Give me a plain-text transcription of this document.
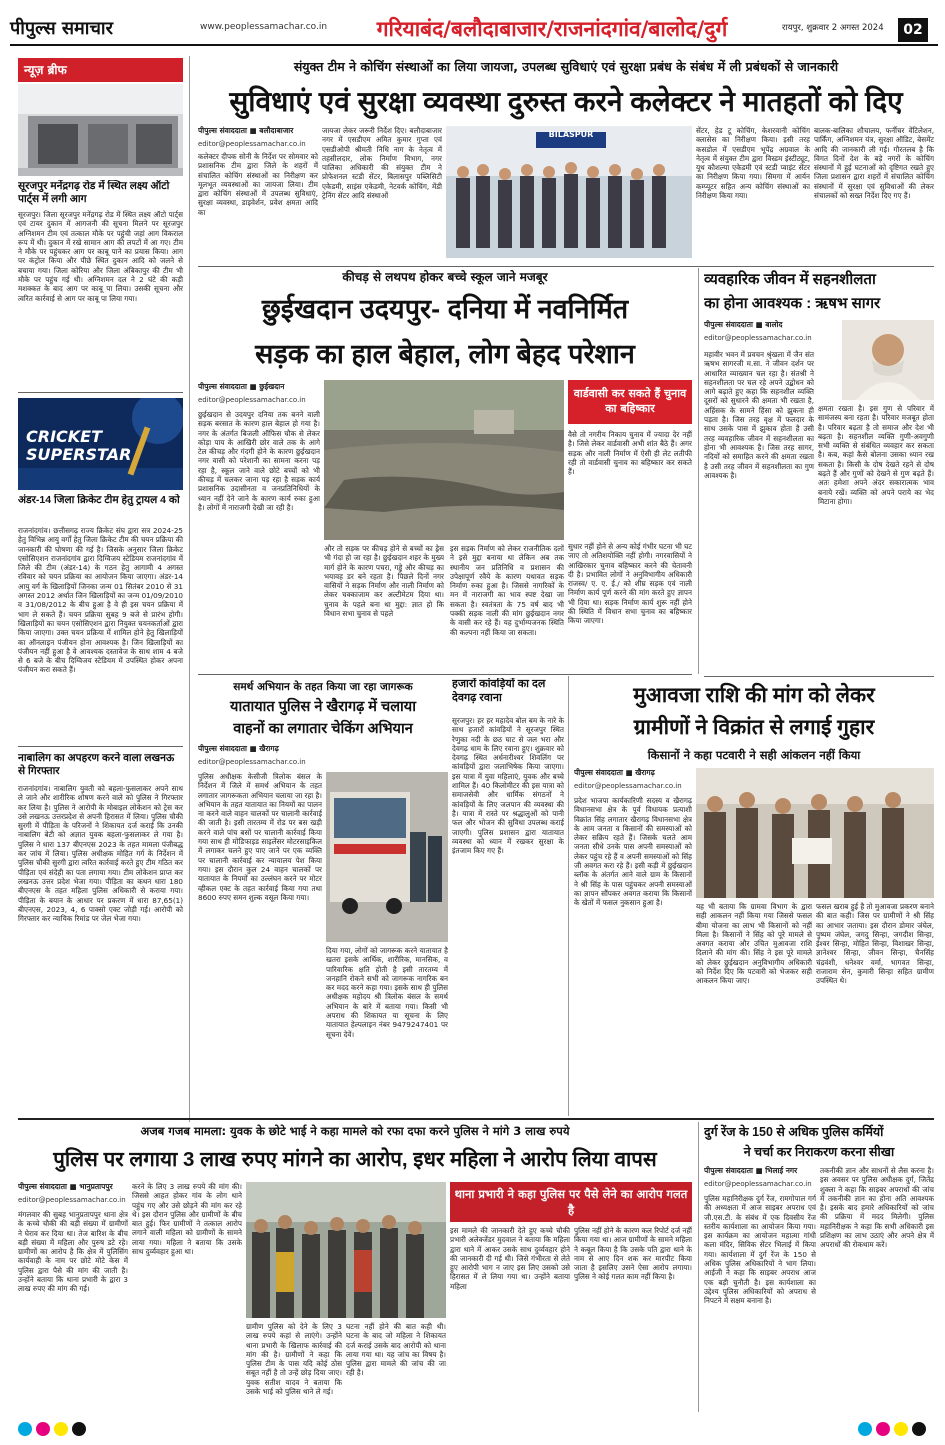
पीपुल्स समाचार	www.peoplessamachar.co.in	गरियाबंद/बलौदाबाजार/राजनांदगांव/बालोद/दुर्ग	रायपुर, शुक्रवार 2 अगस्त 2024	02
न्यूज़ ब्रीफ
सूरजपुर मनेंद्रगढ़ रोड में स्थित लक्ष्य ऑटो पार्ट्स में लगी आग
सूरजपुर। जिला सूरजपुर मनेंद्रगढ़ रोड में स्थित लक्ष्य ऑटो पार्ट्स एवं टायर दुकान में आगजनी की सूचना मिलने पर सूरजपुर अग्निशमन टीम एवं तत्काल मौके पर पहुंची जहां आग विकराल रूप में थी। दुकान में रखे सामान आग की लपटों में आ गए। टीम ने मौके पर पहुंचकर आग पर काबू पाने का प्रयास किया। आग पर कंट्रोल किया और पीछे स्थित दुकान आदि को जलने से बचाया गया। जिला कोरिया और जिला अंबिकापुर की टीम भी मौके पर पहुंच गई थी। अग्निशमन दल ने 2 घंटे की कड़ी मशक्कत के बाद आग पर काबू पा लिया। उसकी सूचना और त्वरित कार्रवाई से आग पर काबू पा लिया गया।
CRICKET SUPERSTAR
अंडर-14 जिला क्रिकेट टीम हेतु ट्रायल 4 को
राजनांदगांव। छत्तीसगढ़ राज्य क्रिकेट संघ द्वारा सत्र 2024-25 हेतु विभिन्न आयु वर्गों हेतु जिला क्रिकेट टीम की चयन प्रक्रिया की जानकारी की घोषणा की गई है। जिसके अनुसार जिला क्रिकेट एसोसिएशन राजनांदगांव द्वारा दिग्विजय स्टेडियम राजनांदगांव में जिले की टीम (अंडर-14) के गठन हेतु आगामी 4 अगस्त रविवार को चयन प्रक्रिया का आयोजन किया जाएगा। अंडर-14 आयु वर्ग के खिलाड़ियों जिनका जन्म 01 सितंबर 2010 से 31 अगस्त 2012 अर्थात जिन खिलाड़ियों का जन्म 01/09/2010 व 31/08/2012 के बीच हुआ है वे ही इस चयन प्रक्रिया में भाग ले सकते हैं। चयन प्रक्रिया सुबह 9 बजे से प्रारंभ होगी। खिलाड़ियों का चयन एसोसिएशन द्वारा नियुक्त चयनकर्ताओं द्वारा किया जाएगा। उक्त चयन प्रक्रिया में शामिल होने हेतु खिलाड़ियों का ऑनलाइन पंजीयन होना आवश्यक है। जिन खिलाड़ियों का पंजीयन नहीं हुआ है वे आवश्यक दस्तावेज के साथ शाम 4 बजे से 6 बजे के बीच दिग्विजय स्टेडियम में उपस्थित होकर अपना पंजीयन करा सकते हैं।
नाबालिग का अपहरण करने वाला लखनऊ से गिरफ्तार
राजनांदगांव। नाबालिग युवती को बहला-फुसलाकर अपने साथ ले जाने और शारीरिक शोषण करने वाले को पुलिस ने गिरफ्तार कर लिया है। पुलिस ने आरोपी के मोबाइल लोकेशन को ट्रेस कर उसे लखनऊ उत्तरप्रदेश से अपनी हिरासत में लिया। पुलिस चौकी सुरगी में पीड़िता के परिजनों ने शिकायत दर्ज कराई कि उनकी नाबालिग बेटी को अज्ञात युवक बहला-फुसलाकर ले गया है। पुलिस ने धारा 137 बीएनएस 2023 के तहत मामला पंजीबद्ध कर जांच में लिया। पुलिस अधीक्षक मोहित गर्ग के निर्देशन में पुलिस चौकी सुरगी द्वारा त्वरित कार्रवाई करते हुए टीम गठित कर पीड़िता एवं संदेही का पता लगाया गया। टीम लोकेशन प्राप्त कर लखनऊ उत्तर प्रदेश भेजा गया। पीड़िता का कथन धारा 180 बीएनएस के तहत महिला पुलिस अधिकारी से कराया गया। पीड़िता के बयान के आधार पर प्रकरण में धारा 87,65(1) बीएनएस, 2023, 4, 6 पाक्सो एक्ट जोड़ी गई। आरोपी को गिरफ्तार कर न्यायिक रिमांड पर जेल भेजा गया।
संयुक्त टीम ने कोचिंग संस्थाओं का लिया जायजा, उपलब्ध सुविधाएं एवं सुरक्षा प्रबंध के संबंध में ली प्रबंधकों से जानकारी
सुविधाएं एवं सुरक्षा व्यवस्था दुरुस्त करने कलेक्टर ने मातहतों को दिए
पीपुल्स संवाददाता ■ बलौदाबाजार
editor@peoplessamachar.co.in
कलेक्टर दीपक सोनी के निर्देश पर सोमवार को प्रशासनिक टीम द्वारा जिले के शहरों में संचालित कोचिंग संस्थाओं का निरीक्षण कर मूलभूत व्यवस्थाओं का जायजा लिया। टीम द्वारा कोचिंग संस्थाओं में उपलब्ध सुविधाएं, सुरक्षा व्यवस्था, डाइवेर्शन, प्रवेश क्षमता आदि का
जायजा लेकर जरूरी निर्देश दिए। बलौदाबाजार नगर में एसडीएम अमित कुमार गुप्ता एवं एसडीओपी श्रीमती निधि नाग के नेतृत्व में तहसीलदार, लोक निर्माण विभाग, नगर पालिका अधिकारी की संयुक्त टीम ने प्रोफेशनल स्टडी सेंटर, बिलासपुर पब्लिसिटी एकेडमी, साइंस एकेडमी, नेटवर्क कोचिंग, मेंडी ट्रेनिंग सेंटर आदि संस्थाओं
BILASPUR	सेंटर, हेड टू कोचिंग, केशरवानी कोचिंग क्लासेस का निरीक्षण किया। इसी तरह कसडोल में एसडीएम भूपेंद्र अग्रवाल के नेतृत्व में संयुक्त टीम द्वारा विस्डम इंस्टीट्यूट, यूथ कौशल्या एकेडमी एवं स्टडी प्वाइंट सेंटर का निरीक्षण किया गया। सिमगा में आर्यन कम्प्यूटर सहित अन्य कोचिंग संस्थाओं का निरीक्षण किया गया।
बालक-बालिका शौचालय, फर्नीचर वेंटिलेशन, पार्किंग, अग्निशमन यंत्र, सुरक्षा ऑडिट, बेसमेंट आदि की जानकारी ली गई। गौरतलब है कि विगत दिनों देश के बड़े नगरों के कोचिंग संस्थानों में हुई घटनाओं को दृष्टिगत रखते हुए जिला प्रशासन द्वारा शहरों में संचालित कोचिंग संस्थानों में सुरक्षा एवं सुविधाओं की लेकर संचालकों को सख्त निर्देश दिए गए हैं।
कीचड़ से लथपथ होकर बच्चे स्कूल जाने मजबूर
छुईखदान उदयपुर- दनिया में नवनिर्मित
सड़क का हाल बेहाल, लोग बेहद परेशान
पीपुल्स संवाददाता ■ छुईखदान
editor@peoplessamachar.co.in
छुईखदान से उदयपुर दनिया तक बनने वाली सड़क बरसात के कारण हाल बेहाल हो गया है। नगर के अंतर्गत बिजली ऑफिस चौक से लेकर कोड़ा पाय के आखिरी छोर वाले तक के आगे टेल कीचड़ और गंदगी होने के कारण छुईखदान नगर वासी को परेशानी का सामना करना पड़ रहा है, स्कूल जाने वाले छोटे बच्चों को भी कीचड़ में चलकर जाना पड़ रहा है सड़क कार्य प्रशासनिक उदासीनता व जनप्रतिनिधियों के ध्यान नहीं देने जाने के कारण कार्य रुका हुआ है। लोगों में नाराजगी देखी जा रही है।
वार्डवासी कर सकते हैं चुनाव का बहिष्कार
वैसे तो नगरीय निकाय चुनाव में ज्यादा देर नहीं है। जिसे लेकर वार्डवासी अभी शांत बैठे हैं। अगर सड़क और नाली निर्माण में ऐसी ही लेट लतीफी रही तो वार्डवासी चुनाव का बहिष्कार कर सकते हैं।
और तो सड़क पर कीचड़ होने से बच्चों का ड्रेस भी गंदा हो जा रहा है। छुईखदान शहर के मुख्य मार्ग होने के कारण पचरा, गड्ढे और कीचड़ का भयावह डर बने रहता है। पिछले दिनों नगर वासियों ने सड़क निर्माण और नाली निर्माण को लेकर चक्काजाम कर अल्टीमेटम दिया था। चुनाव के पहले बना था मुद्दा: ज्ञात हो कि विधान सभा चुनाव से पहले
इस सड़क निर्माण को लेकर राजनीतिक दलों ने इसे मुद्दा बनाया था लेकिन अब तक स्थानीय जन प्रतिनिधि व प्रशासन की उपेक्षापूर्ण रवैये के कारण यथावत सड़क निर्माण रुका हुआ है। जिससे नागरिकों के मन में नाराजगी का भाव स्पष्ट देखा जा सकता है। स्वतंत्रता के 75 वर्ष बाद भी पक्की सड़क नाली की मांग छुईखदान नगर के वासी कर रहे हैं। यह दुर्भाग्यजनक स्थिति की कल्पना नहीं किया जा सकता।
सुधार नहीं होने से अन्य कोई गंभीर घटना भी घट जाए तो अतिशयोक्ति नहीं होगी। नगरवासियों ने आखिरकार चुनाव बहिष्कार करने की चेतावनी दी है। प्रभावित लोगों ने अनुविभागीय अधिकारी राजस्व/ ए. ए. ई./ को शीघ्र सड़क एवं नाली निर्माण कार्य पूर्ण करने की मांग करते हुए ज्ञापन भी दिया था। सड़क निर्माण कार्य शुरू नहीं होने की स्थिति में विधान सभा चुनाव का बहिष्कार किया जाएगा।
व्यवहारिक जीवन में सहनशीलता
का होना आवश्यक : ऋषभ सागर
पीपुल्स संवाददाता ■ बालोद
editor@peoplessamachar.co.in
महावीर भवन में प्रवचन श्रृंखला में जैन संत ऋषभ सागरजी म.सा. ने जीवन दर्शन पर आधारित व्याख्यान चल रहा है। संतश्री ने सहनशीलता पर चल रहे अपने उद्बोधन को आगे बढ़ाते हुए कहा कि सहनशील व्यक्ति दूसरों को सुधारने की क्षमता भी रखता है, अहिंसक के सामने हिंसा को झुकना ही पड़ता है। जिस तरह वृक्ष में फलदार के साथ उसके पास में झुकाव होता है उसी तरह व्यवहारिक जीवन में सहनशीलता का होना भी आवश्यक है। जिस तरह सागर, नदियों को समाहित करने की क्षमता रखता है उसी तरह जीवन में सहनशीलता का गुण आवश्यक है।
क्षमता रखता है। इस गुण से परिवार में सामंजस्य बना रहता है। परिवार मजबूत होता है। परिवार बढ़ता है तो समाज और देश भी बढ़ता है। सहनशील व्यक्ति गुणी-अवगुणी सभी व्यक्ति से संबंधित व्यवहार कर सकता है। कब, कहां कैसे बोलना उसका ध्यान रख सकता है। किसी के दोष देखते रहने से दोष बढ़ते हैं और गुणों को देखने से गुण बढ़ते हैं। अतः हमेशा अपने अंदर सकारात्मक भाव बनाये रखें। व्यक्ति को अपने पराये का भेद मिटाना होगा।
समर्थ अभियान के तहत किया जा रहा जागरूक
यातायात पुलिस ने खैरागढ़ में चलाया
वाहनों का लगातार चेकिंग अभियान
पीपुल्स संवाददाता ■ खैरागढ़
editor@peoplessamachar.co.in
पुलिस अधीक्षक केसीजी त्रिलोक बंसल के निर्देशन में जिले में समर्थ अभियान के तहत लगातार जागरूकता अभियान चलाया जा रहा है। अभियान के तहत यातायात का नियमों का पालन ना करने वाले वाहन चालकों पर चालानी कार्रवाई की जाती है। इसी तारतम्य में रोड पर बस खड़ी करने वाले पांच बसों पर चालानी कार्रवाई किया गया साथ ही मोडिफाइड साइलेंसर मोटरसाइकिल में लगाकर चलने हुए पाए जाने पर एक व्यक्ति पर चालानी कार्रवाई कर न्यायालय पेश किया गया। इस दौरान कुल 24 वाहन चालकों पर यातायात के नियमों का उल्लंघन करने पर मोटर व्हीकल एक्ट के तहत कार्रवाई किया गया तथा 8600 रुपए समन शुल्क वसूल किया गया।
दिया गया, लोगों को जागरूक करने यातायात है खतरा इसके आर्थिक, शारीरिक, मानसिक, व पारिवारिक क्षति होती है इसी तारतम्य में जनहानि रोकने सभी को जागरूक नागरिक बन कर मदद करने कहा गया। इसके साथ ही पुलिस अधीक्षक महोदय श्री त्रिलोक बंसल के समर्थ अभियान के बारे में बताया गया। किसी भी अपराध की शिकायत या सूचना के लिए यातायात हेल्पलाइन नंबर 9479247401 पर सूचना देवें।
हजारों कांवड़ियों का दल देवगढ़ रवाना
सूरजपुर। हर हर महादेव बोल बम के नारे के साथ हजारों कांवड़ियों ने सूरजपुर स्थित रेणुका नदी के छठ घाट से जल भरा और देवगढ़ धाम के लिए रवाना हुए। शुक्रवार को देवगढ़ स्थित अर्धनारीश्वर शिवलिंग पर कांवड़ियों द्वारा जलाभिषेक किया जाएगा। इस यात्रा में युवा महिलाएं, युवक और बच्चे शामिल हैं। 40 किलोमीटर की इस यात्रा को समाजसेवी और धार्मिक संगठनों ने कांवड़ियों के लिए जलपान की व्यवस्था की है। यात्रा में रास्ते पर श्रद्धालुओं को पानी फल और भोजन की सुविधा उपलब्ध कराई जाएगी। पुलिस प्रशासन द्वारा यातायात व्यवस्था को ध्यान में रखकर सुरक्षा के इंतजाम किए गए हैं।
मुआवजा राशि की मांग को लेकर
ग्रामीणों ने विक्रांत से लगाई गुहार
किसानों ने कहा पटवारी ने सही आंकलन नहीं किया
पीपुल्स संवाददाता ■ खैरागढ़
editor@peoplessamachar.co.in
प्रदेश भाजपा कार्यकारिणी सदस्य व खैरागढ़ विधानसभा क्षेत्र के पूर्व विधायक प्रत्याशी विक्रांत सिंह लगातार खैरागढ़ विधानसभा क्षेत्र के आम जनता व किसानों की समस्याओं को लेकर सक्रिय रहते हैं। जिसके चलते आम जनता सीधे उनके पास अपनी समस्याओं को लेकर पहुंच रहे हैं व अपनी समस्याओं को सिंह जी अवगत करा रहे हैं। इसी कड़ी में छुईखदान ब्लॉक के अंतर्गत आने वाले ग्राम के किसानों ने श्री सिंह के पास पहुंचकर अपनी समस्याओं का ज्ञापन सौंपकर अवगत कराया कि किसानों के खेतों में फसल नुकसान हुआ है।	यह भी बताया कि ग्रामवा विभाग के द्वारा सही आकलन नहीं किया गया जिससे फसल बीमा योजना का लाभ भी किसानों को नहीं मिला है। किसानों ने सिंह को पूरे मामले से अवगत कराया और उचित मुआवजा राशि दिलाने की मांग की। सिंह ने इस पूरे मामले को लेकर छुईखदान अनुविभागीय अधिकारी को निर्देश दिए कि पटवारी को भेजकर सही आकलन किया जाए।
फसल खराब हुई है तो मुआवजा प्रकरण बनाने की बात कही। जिस पर ग्रामीणों ने श्री सिंह का आभार जताया। इस दौरान डोमार जंघेल, पुष्पम जंघेल, जगदु सिन्हा, जगदीश सिन्हा, ईश्वर सिन्हा, मोहित सिन्हा, विशाखर सिन्हा, ज्ञानेश्वर सिन्हा, जीवन सिन्हा, चैनसिंह चंद्रवंशी, धनेश्वर वर्मा, भागवत सिन्हा, राजाराम सेन, कुमारी सिन्हा सहित ग्रामीण उपस्थित थे।
अजब गजब मामला: युवक के छोटे भाई ने कहा मामले को रफा दफा करने पुलिस ने मांगे 3 लाख रुपये
पुलिस पर लगाया 3 लाख रुपए मांगने का आरोप, इधर महिला ने आरोप लिया वापस
पीपुल्स संवाददाता ■ भानुप्रतापपुर
editor@peoplessamachar.co.in
मंगलवार की सुबह भानुप्रतापपुर थाना क्षेत्र के कच्चे चौकी की बड़ी संख्या में ग्रामीणों ने घेराव कर दिया था। तेज बारिश के बीच बड़ी संख्या में महिला और पुरुष डटे रहे। ग्रामीणों का आरोप है कि क्षेत्र में पुलिसिंग कार्यवाही के नाम पर छोटे मोटे केस में पुलिस द्वारा पैसे की मांग की जाती है। उन्होंने बताया कि थाना प्रभारी के द्वारा 3 लाख रुपए की मांग की गई।
करने के लिए 3 लाख रुपये की मांग की। जिससे आहत होकर गांव के लोग थाने पहुंच गए और उसे छोड़ने की मांग कर रहे थे। इस दौरान पुलिस और ग्रामीणों के बीच बात हुई। फिर ग्रामीणों ने तत्काल आरोप लगाने वाली महिला को ग्रामीणों के सामने लाया गया। महिला ने बताया कि उसके साथ दुर्व्यवहार हुआ था।
ग्रामीण पुलिस को देने के लिए 3 लाख रुपये कहां से लाएंगे। उन्होंने थाना प्रभारी के खिलाफ कार्रवाई की मांग की है। ग्रामीणों ने कहा कि पुलिस टीम के पास यदि कोई ठोस सबूत नहीं है तो उन्हें छोड़ दिया जाए। युवक सतीश यादव ने बताया कि उसके भाई को पुलिस थाने ले गई।
घटना नहीं होने की बात कही थी। घटना के बाद जो महिला ने शिकायत दर्ज कराई उसके बाद आरोपी को थाना लाया गया था। यह जांच का विषय है। पुलिस द्वारा मामले की जांच की जा रही है।
थाना प्रभारी ने कहा पुलिस पर पैसे लेने का आरोप गलत है
इस मामले की जानकारी देते हुए कच्चे चौकी प्रभारी अलेक्जेंडर मुदवाल ने बताया कि महिला द्वारा थाने में आकर उसके साथ दुर्व्यवहार होने की जानकारी दी गई थी। जिसे गंभीरता से लेते हुए आरोपी भाग न जाए इस लिए उसको उसे हिरासत में ले लिया गया था। उन्होंने बताया महिला
पुलिस नहीं होने के कारण कल रिपोर्ट दर्ज नहीं किया गया था। आज ग्रामीणों के सामने महिला ने कबूल किया है कि उसके पति द्वारा थाने के नाम से आए दिन शक कर मारपीट किया जाता है इसलिए उसने ऐसा आरोप लगाया। पुलिस ने कोई गलत काम नहीं किया है।
दुर्ग रेंज के 150 से अधिक पुलिस कर्मियों
ने चर्चा कर निराकरण करना सीखा
पीपुल्स संवाददाता ■ भिलाई नगर
editor@peoplessamachar.co.in
पुलिस महानिरीक्षक दुर्ग रेंज, रामगोपाल गर्ग की अध्यक्षता में आज साइबर अपराध एवं जी.एस.टी. के संबंध में एक दिवसीय रेंज स्तरीय कार्यशाला का आयोजन किया गया। इस कार्यक्रम का आयोजन महात्मा गांधी कला मंदिर, सिविक सेंटर भिलाई में किया गया। कार्यशाला में दुर्ग रेंज के 150 से अधिक पुलिस अधिकारियों ने भाग लिया। आईजी ने कहा कि साइबर अपराध आज एक बड़ी चुनौती है। इस कार्यशाला का उद्देश्य पुलिस अधिकारियों को अपराध से निपटने में सक्षम बनाना है।
तकनीकी ज्ञान और साधनों से लैस करना है। इस अवसर पर पुलिस अधीक्षक दुर्ग, जितेंद्र शुक्ला ने कहा कि साइबर अपराधों की जांच में तकनीकी ज्ञान का होना अति आवश्यक है। इसके बाद हमारे अधिकारियों को जांच की प्रक्रिया में मदद मिलेगी। पुलिस महानिरीक्षक ने कहा कि सभी अधिकारी इस प्रशिक्षण का लाभ उठाएं और अपने क्षेत्र में अपराधों की रोकथाम करें।
